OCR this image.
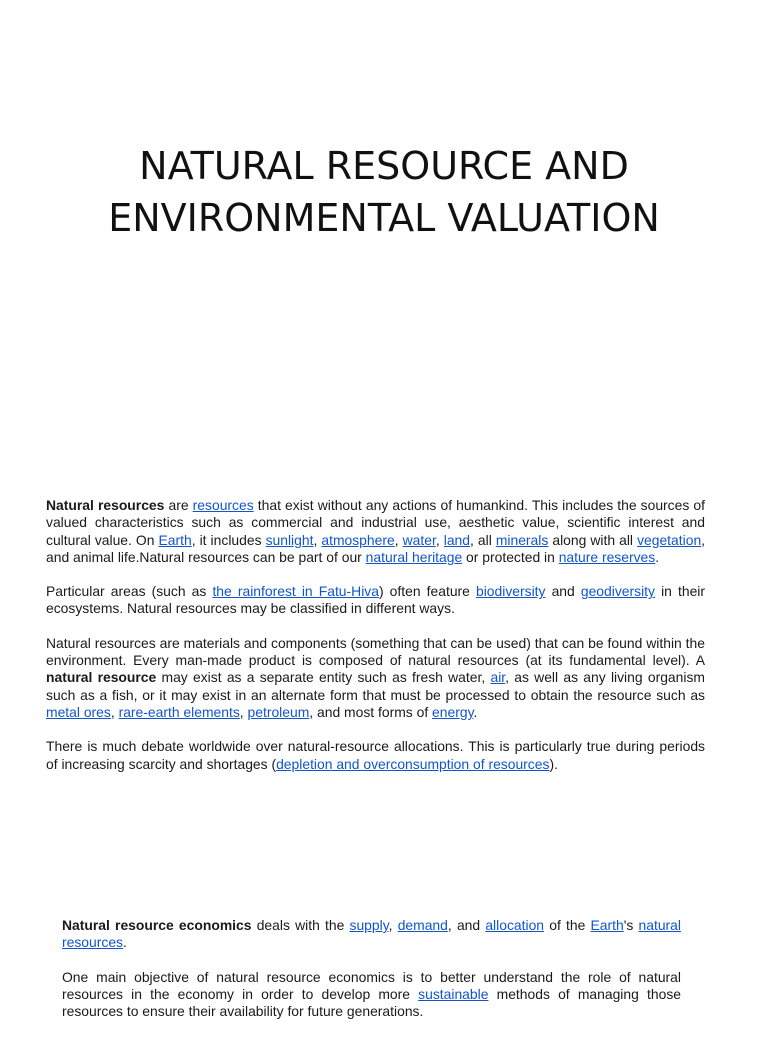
NATURAL RESOURCE AND
ENVIRONMENTAL VALUATION

Natural resources are resources that exist without any actions of humankind. This includes the sources of valued characteristics such as commercial and industrial use, aesthetic value, scientific interest and cultural value. On Earth, it includes sunlight, atmosphere, water, land, all minerals along with all vegetation, and animal life.Natural resources can be part of our natural heritage or protected in nature reserves.

Particular areas (such as the rainforest in Fatu-Hiva) often feature biodiversity and geodiversity in their ecosystems. Natural resources may be classified in different ways.

Natural resources are materials and components (something that can be used) that can be found within the environment. Every man-made product is composed of natural resources (at its fundamental level). A natural resource may exist as a separate entity such as fresh water, air, as well as any living organism such as a fish, or it may exist in an alternate form that must be processed to obtain the resource such as metal ores, rare-earth elements, petroleum, and most forms of energy.

There is much debate worldwide over natural-resource allocations. This is particularly true during periods of increasing scarcity and shortages (depletion and overconsumption of resources).

Natural resource economics deals with the supply, demand, and allocation of the Earth's natural resources.

One main objective of natural resource economics is to better understand the role of natural resources in the economy in order to develop more sustainable methods of managing those resources to ensure their availability for future generations.
